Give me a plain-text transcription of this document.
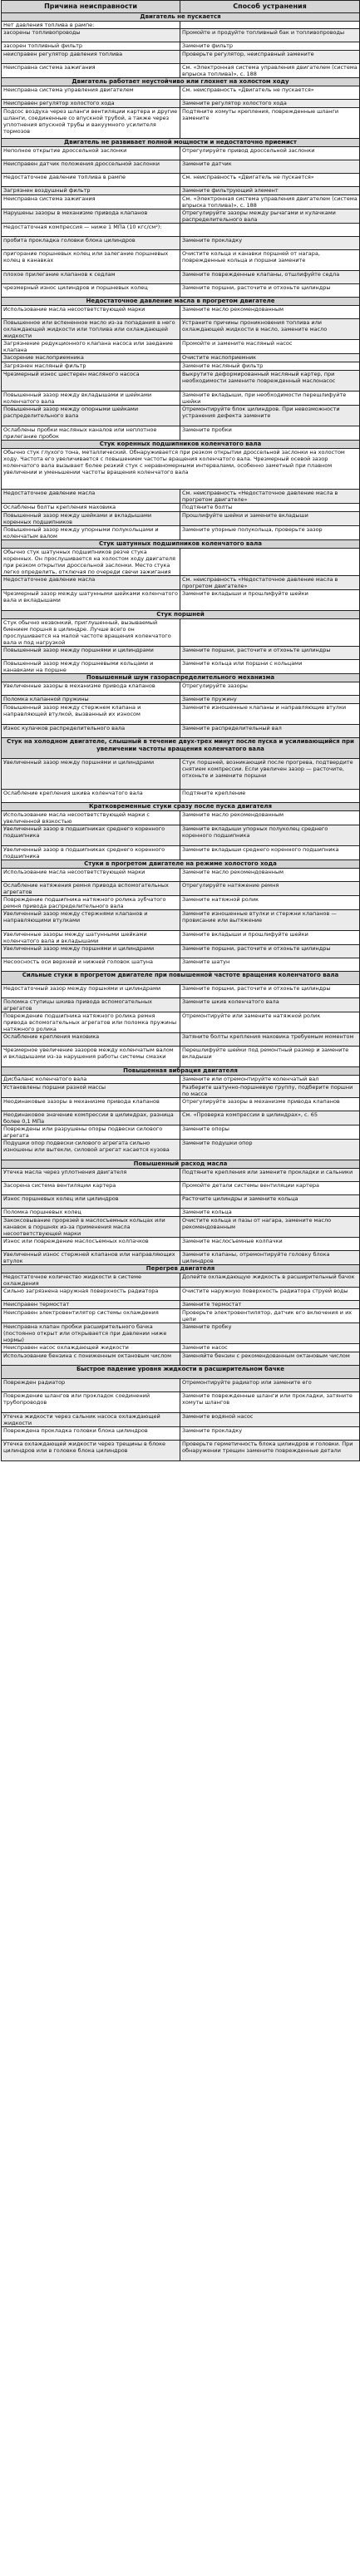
Причина неисправности	Способ устранения
Двигатель не пускается	
Нет давления топлива в рампе:	
засорены топливопроводы	Промойте и продуйте топливный бак и топливопроводы
засорен топливный фильтр	Замените фильтр
неисправен регулятор давления топлива	Проверьте регулятор, неисправный замените
Неисправна система зажигания	См. «Электронная система управления двигателем (система впрыска топлива)», с. 188
Двигатель работает неустойчиво или глохнет на холостом ходу	
Неисправна система управления двигателем	См. неисправность «Двигатель не пускается»
Неисправен регулятор холостого хода	Замените регулятор холостого хода
Подсос воздуха через шланги вентиляции картера и другие шланги, соединенные со впускной трубой, а также через уплотнения впускной трубы и вакуумного усилителя тормозов	Подтяните хомуты крепления, поврежденные шланги замените
Двигатель не развивает полной мощности и недостаточно приемист	
Неполное открытие дроссельной заслонки	Отрегулируйте привод дроссельной заслонки
Неисправен датчик положения дроссельной заслонки	Замените датчик
Недостаточное давление топлива в рампе	См. неисправность «Двигатель не пускается»
Загрязнен воздушный фильтр	Замените фильтрующий элемент
Неисправна система зажигания	См. «Электронная система управления двигателем (система впрыска топлива)», с. 188
Нарушены зазоры в механизме привода клапанов	Отрегулируйте зазоры между рычагами и кулачками распределительного вала
Недостаточная компрессия — ниже 1 МПа (10 кгс/см²):	
пробита прокладка головки блока цилиндров	Замените прокладку
пригорание поршневых колец или залегание поршневых колец в канавках	Очистите кольца и канавки поршней от нагара, поврежденные кольца и поршни замените
плохое прилегание клапанов к седлам	Замените поврежденные клапаны, отшлифуйте седла
чрезмерный износ цилиндров и поршневых колец	Замените поршни, расточите и отхоньте цилиндры
Недостаточное давление масла в прогретом двигателе	
Использование масла несоответствующей марки	Замените масло рекомендованным
Повышенное или вспененное масло из-за попадания в него охлаждающей жидкости или топлива или охлаждающей жидкости	Устраните причины проникновения топлива или охлаждающей жидкости в масло, замените масло
Загрязнение редукционного клапана насоса или заедание клапана	Промойте и замените масляный насос
Засорение маслоприемника	Очистите маслоприемник
Загрязнен масляный фильтр	Замените масляный фильтр
Чрезмерный износ шестерен масляного насоса	Выкрутите деформированный масляный картер, при необходимости замените поврежденный маслонасос
Повышенный зазор между вкладышами и шейками коленчатого вала	Замените вкладыши, при необходимости перешлифуйте шейки
Повышенный зазор между опорными шейками распределительного вала	Отремонтируйте блок цилиндров. При невозможности устранения дефекта замените
Ослаблены пробки масляных каналов или неплотное прилегание пробок	Замените пробки
Стук коренных подшипников коленчатого вала	
Обычно стук глухого тона, металлический. Обнаруживается при резком открытии дроссельной заслонки на холостом ходу. Частота его увеличивается с повышением частоты вращения коленчатого вала. Чрезмерный осевой зазор коленчатого вала вызывает более резкий стук с неравномерными интервалами, особенно заметный при плавном увеличении и уменьшении частоты вращения коленчатого вала	
Недостаточное давление масла	См. неисправность «Недостаточное давление масла в прогретом двигателе»
Ослаблены болты крепления маховика	Подтяните болты
Повышенный зазор между шейками и вкладышами коренных подшипников	Прошлифуйте шейки и замените вкладыши
Повышенный зазор между упорными полукольцами и коленчатым валом	Замените упорные полукольца, проверьте зазор
Стук шатунных подшипников коленчатого вала	
Обычно стук шатунных подшипников резче стука коренных. Он прослушивается на холостом ходу двигателя при резком открытии дроссельной заслонки. Место стука легко определить, отключая по очереди свечи зажигания	
Недостаточное давление масла	См. неисправность «Недостаточное давление масла в прогретом двигателе»
Чрезмерный зазор между шатунными шейками коленчатого вала и вкладышами	Замените вкладыши и прошлифуйте шейки
Стук поршней	
Стук обычно незвонкий, приглушенный, вызываемый биением поршня в цилиндре. Лучше всего он прослушивается на малой частоте вращения коленчатого вала и под нагрузкой	
Повышенный зазор между поршнями и цилиндрами	Замените поршни, расточите и отхоньте цилиндры
Повышенный зазор между поршневыми кольцами и канавками на поршне	Замените кольца или поршни с кольцами
Повышенный шум газораспределительного механизма	
Увеличенные зазоры в механизме привода клапанов	Отрегулируйте зазоры
Поломка клапанной пружины	Замените пружину
Повышенный зазор между стержнем клапана и направляющей втулкой, вызванный их износом	Замените изношенные клапаны и направляющие втулки
Износ кулачков распределительного вала	Замените распределительный вал
Стук на холодном двигателе, слышный в течение двух-трех минут после пуска и усиливающийся при увеличении частоты вращения коленчатого вала	
Увеличенный зазор между поршнями и цилиндрами	Стук поршней, возникающий после прогрева, подтвердите снятием компрессии. Если увеличен зазор — расточите, отхоньте и замените поршни
Ослабление крепления шкива коленчатого вала	Подтяните крепление
Кратковременные стуки сразу после пуска двигателя	
Использование масла несоответствующей марки с увеличенной вязкостью	Замените масло рекомендованным
Увеличенный зазор в подшипниках среднего коренного подшипника	Замените вкладыши упорных полуколец среднего коренного подшипника
Увеличенный зазор в подшипниках среднего коренного подшипника	Замените вкладыши среднего коренного подшипника
Стуки в прогретом двигателе на режиме холостого хода	
Использование масла несоответствующей марки	Замените масло рекомендованным
Ослабление натяжения ремня привода вспомогательных агрегатов	Отрегулируйте натяжение ремня
Повреждение подшипника натяжного ролика зубчатого ремня привода распределительного вала	Замените натяжной ролик
Увеличенный зазор между стержнями клапанов и направляющими втулками	Замените изношенные втулки и стержни клапанов — провисание или вытяжение
Увеличенные зазоры между шатунными шейками коленчатого вала и вкладышами	Замените вкладыши и прошлифуйте шейки
Увеличенный зазор между поршнями и цилиндрами	Замените поршни, расточите и отхоньте цилиндры
Несоосность оси верхней и нижней головок шатуна	Замените шатун
Сильные стуки в прогретом двигателе при повышенной частоте вращения коленчатого вала	
Недостаточный зазор между поршнями и цилиндрами	Замените поршни, расточите и отхоньте цилиндры
Поломка ступицы шкива привода вспомогательных агрегатов	Замените шкив коленчатого вала
Повреждение подшипника натяжного ролика ремня привода вспомогательных агрегатов или поломка пружины натяжного ролика	Отремонтируйте или замените натяжной ролик
Ослабление крепления маховика	Затяните болты крепления маховика требуемым моментом
Чрезмерное увеличение зазоров между коленчатым валом и вкладышами из-за нарушения работы системы смазки	Перешлифуйте шейки под ремонтный размер и замените вкладыши
Повышенная вибрация двигателя	
Дисбаланс коленчатого вала	Замените или отремонтируйте коленчатый вал
Установлены поршни разной массы	Разберите шатунно-поршневую группу, подберите поршни по массе
Неодинаковые зазоры в механизме привода клапанов	Отрегулируйте зазоры в механизме привода клапанов
Неодинаковое значение компрессии в цилиндрах, разница более 0,1 МПа	См. «Проверка компрессии в цилиндрах», с. 65
Повреждены или разрушены опоры подвески силового агрегата	Замените опоры
Подушки опор подвески силового агрегата сильно изношены или вытекли, силовой агрегат касается кузова	Замените подушки опор
Повышенный расход масла	
Утечка масла через уплотнения двигателя	Подтяните крепления или замените прокладки и сальники
Засорена система вентиляции картера	Промойте детали системы вентиляции картера
Износ поршневых колец или цилиндров	Расточите цилиндры и замените кольца
Поломка поршневых колец	Замените кольца
Закоксовывание прорезей в маслосъемных кольцах или канавок в поршнях из-за применения масла несоответствующей марки	Очистите кольца и пазы от нагара, замените масло рекомендованным
Износ или повреждение маслосъемных колпачков	Замените маслосъемные колпачки
Увеличенный износ стержней клапанов или направляющих втулок	Замените клапаны, отремонтируйте головку блока цилиндров
Перегрев двигателя	
Недостаточное количество жидкости в системе охлаждения	Долейте охлаждающую жидкость в расширительный бачок
Сильно загрязнена наружная поверхность радиатора	Очистите наружную поверхность радиатора струей воды
Неисправен термостат	Замените термостат
Неисправен электровентилятор системы охлаждения	Проверьте электровентилятор, датчик его включения и их цепи
Неисправна клапан пробки расширительного бачка (постоянно открыт или открывается при давлении ниже нормы)	Замените пробку
Неисправен насос охлаждающей жидкости	Замените насос
Использование бензина с пониженным октановым числом	Заменяйте бензин с рекомендованным октановым числом
Быстрое падение уровня жидкости в расширительном бачке	
Поврежден радиатор	Отремонтируйте радиатор или замените его
Повреждение шлангов или прокладок соединений трубопроводов	Замените поврежденные шланги или прокладки, затяните хомуты шлангов
Утечка жидкости через сальник насоса охлаждающей жидкости	Замените водяной насос
Повреждена прокладка головки блока цилиндров	Замените прокладку
Утечка охлаждающей жидкости через трещины в блоке цилиндров или в головке блока цилиндров	Проверьте герметичность блока цилиндров и головки. При обнаружении трещин замените поврежденные детали
